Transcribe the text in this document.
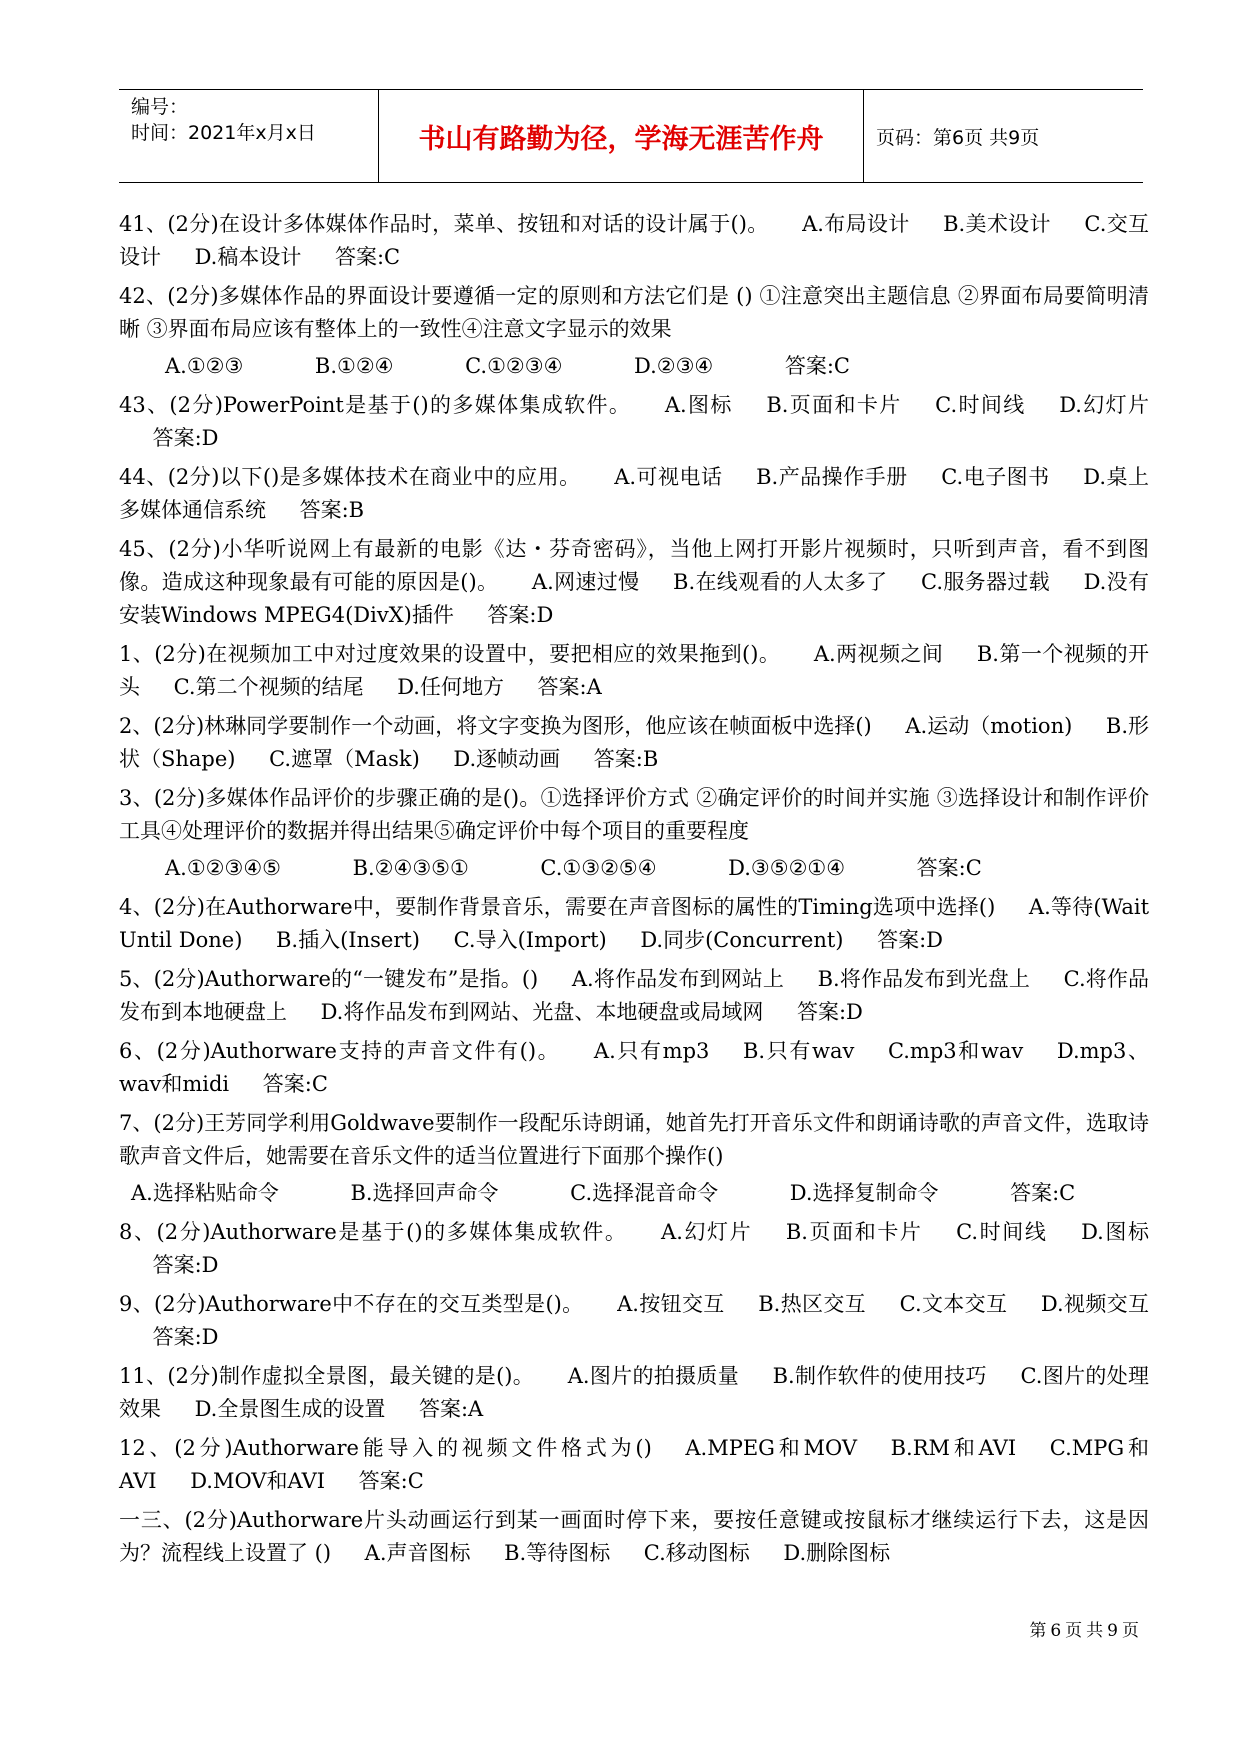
编号：
时间：2021年x月x日	书山有路勤为径，学海无涯苦作舟	页码：第6页 共9页
41、(2分)在设计多体媒体作品时，菜单、按钮和对话的设计属于()。 A.布局设计 B.美术设计 C.交互设计 D.稿本设计 答案:C
42、(2分)多媒体作品的界面设计要遵循一定的原则和方法它们是 () ①注意突出主题信息 ②界面布局要简明清晰 ③界面布局应该有整体上的一致性④注意文字显示的效果
A.①②③	B.①②④	C.①②③④	D.②③④	答案:C
43、(2分)PowerPoint是基于()的多媒体集成软件。 A.图标 B.页面和卡片 C.时间线 D.幻灯片答案:D
44、(2分)以下()是多媒体技术在商业中的应用。 A.可视电话 B.产品操作手册 C.电子图书 D.桌上多媒体通信系统 答案:B
45、(2分)小华听说网上有最新的电影《达・芬奇密码》，当他上网打开影片视频时，只听到声音，看不到图像。造成这种现象最有可能的原因是()。 A.网速过慢 B.在线观看的人太多了 C.服务器过载 D.没有安装Windows MPEG4(DivX)插件 答案:D
1、(2分)在视频加工中对过度效果的设置中，要把相应的效果拖到()。 A.两视频之间 B.第一个视频的开头 C.第二个视频的结尾 D.任何地方 答案:A
2、(2分)林琳同学要制作一个动画，将文字变换为图形，他应该在帧面板中选择() A.运动（motion) B.形状（Shape) C.遮罩（Mask) D.逐帧动画 答案:B
3、(2分)多媒体作品评价的步骤正确的是()。①选择评价方式 ②确定评价的时间并实施 ③选择设计和制作评价工具④处理评价的数据并得出结果⑤确定评价中每个项目的重要程度
A.①②③④⑤	B.②④③⑤①	C.①③②⑤④	D.③⑤②①④	答案:C
4、(2分)在Authorware中，要制作背景音乐，需要在声音图标的属性的Timing选项中选择() A.等待(Wait Until Done) B.插入(Insert) C.导入(Import) D.同步(Concurrent) 答案:D
5、(2分)Authorware的“一键发布”是指。() A.将作品发布到网站上 B.将作品发布到光盘上 C.将作品发布到本地硬盘上 D.将作品发布到网站、光盘、本地硬盘或局域网 答案:D
6、(2分)Authorware支持的声音文件有()。 A.只有mp3 B.只有wav C.mp3和wav D.mp3、wav和midi 答案:C
7、(2分)王芳同学利用Goldwave要制作一段配乐诗朗诵，她首先打开音乐文件和朗诵诗歌的声音文件，选取诗歌声音文件后，她需要在音乐文件的适当位置进行下面那个操作()
A.选择粘贴命令	B.选择回声命令	C.选择混音命令	D.选择复制命令	答案:C
8、(2分)Authorware是基于()的多媒体集成软件。 A.幻灯片 B.页面和卡片 C.时间线 D.图标答案:D
9、(2分)Authorware中不存在的交互类型是()。 A.按钮交互 B.热区交互 C.文本交互 D.视频交互答案:D
11、(2分)制作虚拟全景图，最关键的是()。 A.图片的拍摄质量 B.制作软件的使用技巧 C.图片的处理效果 D.全景图生成的设置 答案:A
12、(2分)Authorware能导入的视频文件格式为() A.MPEG和MOV B.RM和AVI C.MPG和AVI D.MOV和AVI 答案:C
一三、(2分)Authorware片头动画运行到某一画面时停下来，要按任意键或按鼠标才继续运行下去，这是因为？流程线上设置了 () A.声音图标 B.等待图标 C.移动图标 D.删除图标
第6页共9页
